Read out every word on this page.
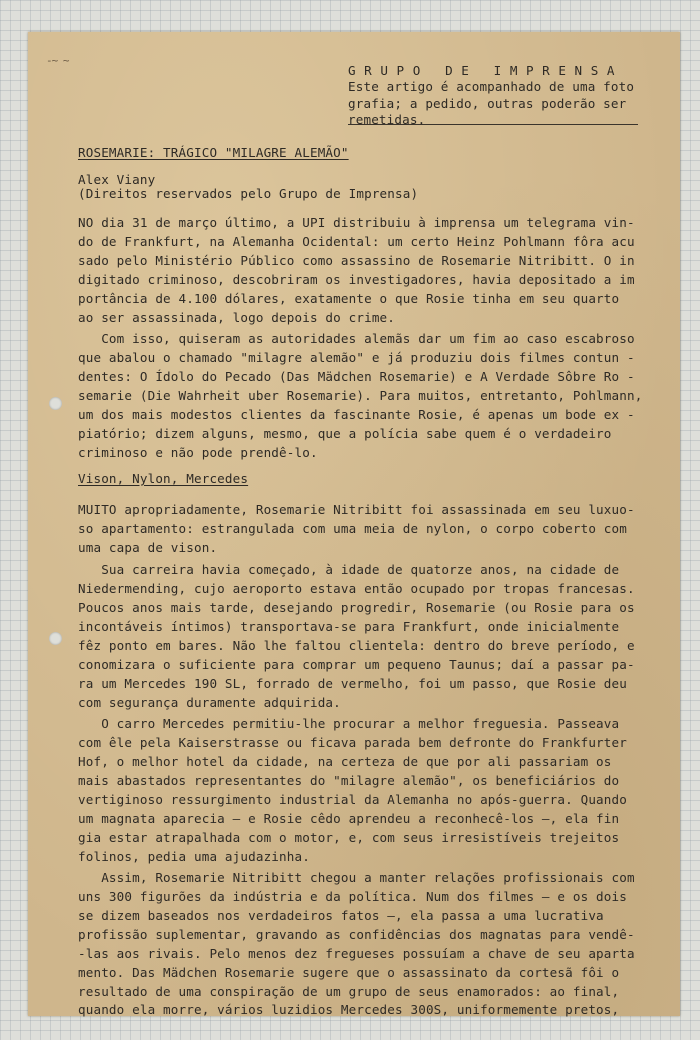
-~ ~
GRUPO DE IMPRENSA
Este artigo é acompanhado de uma foto
grafia; a pedido, outras poderão ser
remetidas.
ROSEMARIE: TRÁGICO "MILAGRE ALEMÃO"
Alex Viany
(Direitos reservados pelo Grupo de Imprensa)
NO dia 31 de março último, a UPI distribuiu à imprensa um telegrama vin-
do de Frankfurt, na Alemanha Ocidental: um certo Heinz Pohlmann fôra acu
sado pelo Ministério Público como assassino de Rosemarie Nitribitt. O in
digitado criminoso, descobriram os investigadores, havia depositado a im
portância de 4.100 dólares, exatamente o que Rosie tinha em seu quarto
ao ser assassinada, logo depois do crime.
Com isso, quiseram as autoridades alemãs dar um fim ao caso escabroso
que abalou o chamado "milagre alemão" e já produziu dois filmes contun -
dentes: O Ídolo do Pecado (Das Mädchen Rosemarie) e A Verdade Sôbre Ro -
semarie (Die Wahrheit uber Rosemarie). Para muitos, entretanto, Pohlmann,
um dos mais modestos clientes da fascinante Rosie, é apenas um bode ex -
piatório; dizem alguns, mesmo, que a polícia sabe quem é o verdadeiro
criminoso e não pode prendê-lo.
Vison, Nylon, Mercedes
MUITO apropriadamente, Rosemarie Nitribitt foi assassinada em seu luxuo-
so apartamento: estrangulada com uma meia de nylon, o corpo coberto com
uma capa de vison.
Sua carreira havia começado, à idade de quatorze anos, na cidade de
Niedermending, cujo aeroporto estava então ocupado por tropas francesas.
Poucos anos mais tarde, desejando progredir, Rosemarie (ou Rosie para os
incontáveis íntimos) transportava-se para Frankfurt, onde inicialmente
fêz ponto em bares. Não lhe faltou clientela: dentro do breve período, e
conomizara o suficiente para comprar um pequeno Taunus; daí a passar pa-
ra um Mercedes 190 SL, forrado de vermelho, foi um passo, que Rosie deu
com segurança duramente adquirida.
O carro Mercedes permitiu-lhe procurar a melhor freguesia. Passeava
com êle pela Kaiserstrasse ou ficava parada bem defronte do Frankfurter
Hof, o melhor hotel da cidade, na certeza de que por ali passariam os
mais abastados representantes do "milagre alemão", os beneficiários do
vertiginoso ressurgimento industrial da Alemanha no após-guerra. Quando
um magnata aparecia — e Rosie cêdo aprendeu a reconhecê-los —, ela fin
gia estar atrapalhada com o motor, e, com seus irresistíveis trejeitos
folinos, pedia uma ajudazinha.
Assim, Rosemarie Nitribitt chegou a manter relações profissionais com
uns 300 figurões da indústria e da política. Num dos filmes — e os dois
se dizem baseados nos verdadeiros fatos —, ela passa a uma lucrativa
profissão suplementar, gravando as confidências dos magnatas para vendê-
-las aos rivais. Pelo menos dez fregueses possuíam a chave de seu aparta
mento. Das Mädchen Rosemarie sugere que o assassinato da cortesã fôi o
resultado de uma conspiração de um grupo de seus enamorados: ao final,
quando ela morre, vários luzidios Mercedes 300S, uniformemente pretos,
